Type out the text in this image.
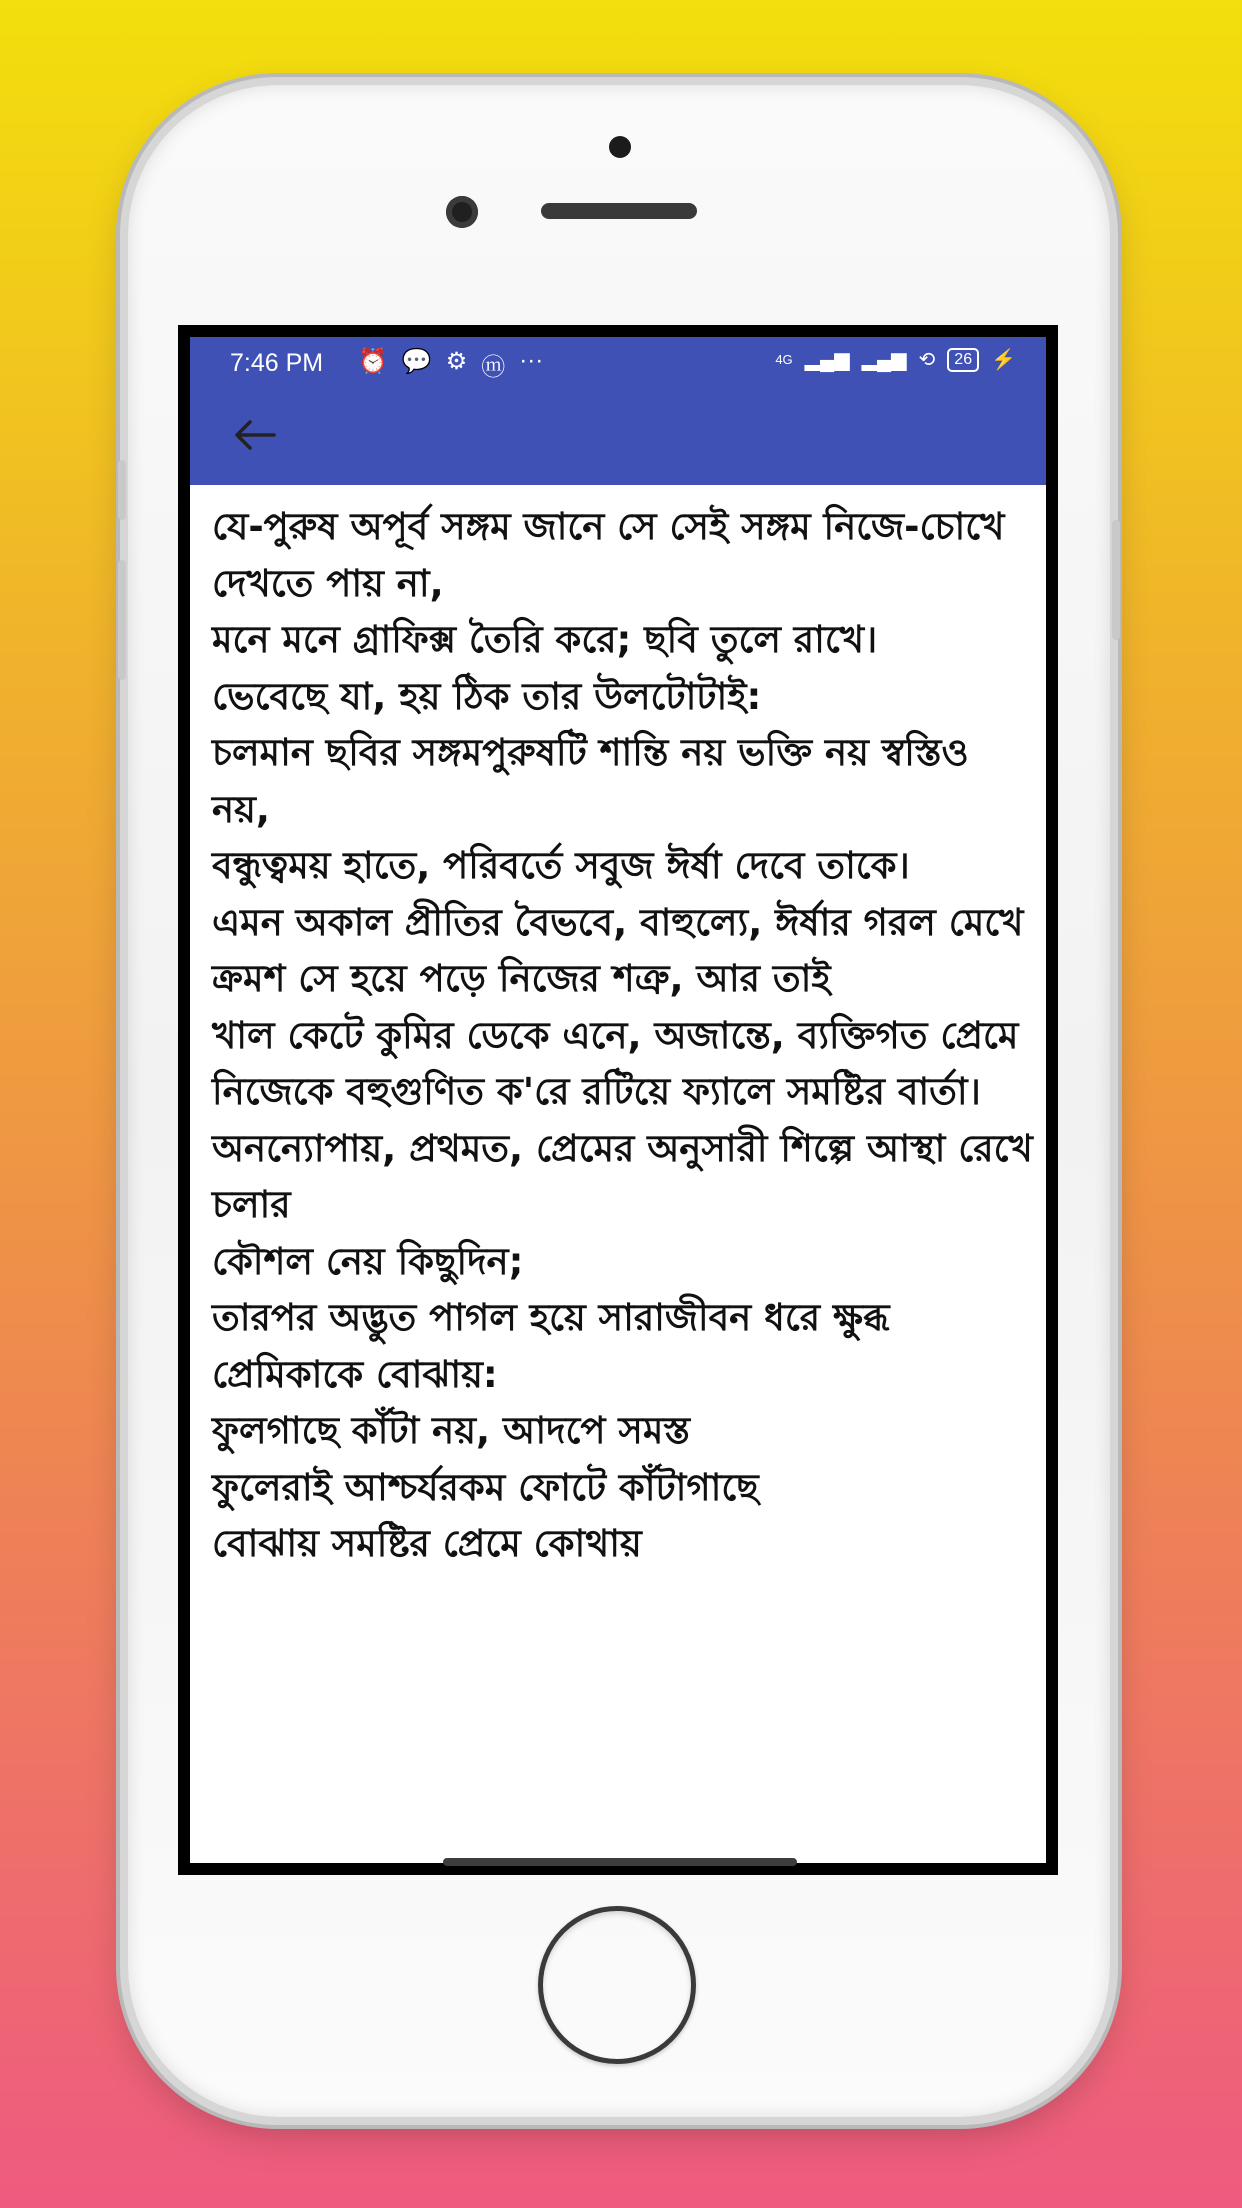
7:46 PM ⏰ 💬 ⚙ ⓜ ···	4G ▂▄▆ ▂▄▆ ⟲	26 ⚡

যে-পুরুষ অপূর্ব সঙ্গম জানে সে সেই সঙ্গম নিজে-চোখে দেখতে পায় না,

মনে মনে গ্রাফিক্স তৈরি করে; ছবি তুলে রাখে।

ভেবেছে যা, হয় ঠিক তার উলটোটাই:

চলমান ছবির সঙ্গমপুরুষটি শান্তি নয় ভক্তি নয় স্বস্তিও নয়,

বন্ধুত্বময় হাতে, পরিবর্তে সবুজ ঈর্ষা দেবে তাকে।

এমন অকাল প্রীতির বৈভবে, বাহুল্যে, ঈর্ষার গরল মেখে

ক্রমশ সে হয়ে পড়ে নিজের শত্রু, আর তাই

খাল কেটে কুমির ডেকে এনে, অজান্তে, ব্যক্তিগত প্রেমে

নিজেকে বহুগুণিত ক'রে রটিয়ে ফ্যালে সমষ্টির বার্তা।

অনন্যোপায়, প্রথমত, প্রেমের অনুসারী শিল্পে আস্থা রেখে চলার

কৌশল নেয় কিছুদিন;

তারপর অদ্ভুত পাগল হয়ে সারাজীবন ধরে ক্ষুব্ধ প্রেমিকাকে বোঝায়:

ফুলগাছে কাঁটা নয়, আদপে সমস্ত

ফুলেরাই আশ্চর্যরকম ফোটে কাঁটাগাছে

বোঝায় সমষ্টির প্রেমে কোথায়
